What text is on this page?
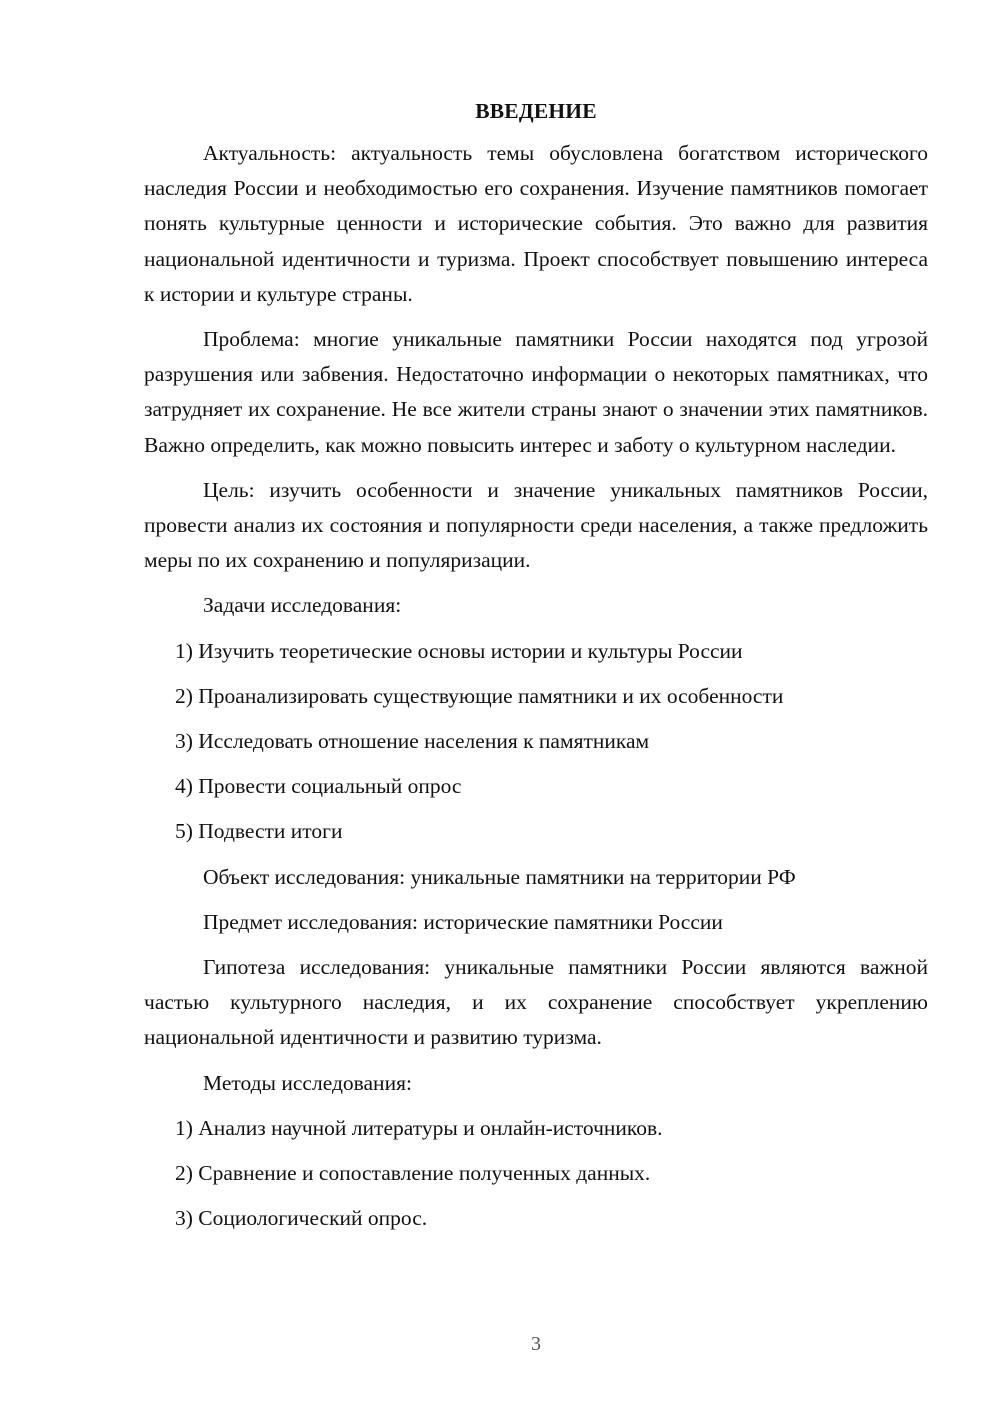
ВВЕДЕНИЕ

Актуальность: актуальность темы обусловлена богатством исторического наследия России и необходимостью его сохранения. Изучение памятников помогает понять культурные ценности и исторические события. Это важно для развития национальной идентичности и туризма. Проект способствует повышению интереса к истории и культуре страны.

Проблема: многие уникальные памятники России находятся под угрозой разрушения или забвения. Недостаточно информации о некоторых памятниках, что затрудняет их сохранение. Не все жители страны знают о значении этих памятников. Важно определить, как можно повысить интерес и заботу о культурном наследии.

Цель: изучить особенности и значение уникальных памятников России, провести анализ их состояния и популярности среди населения, а также предложить меры по их сохранению и популяризации.

Задачи исследования:

1) Изучить теоретические основы истории и культуры России

2) Проанализировать существующие памятники и их особенности

3) Исследовать отношение населения к памятникам

4) Провести социальный опрос

5) Подвести итоги

Объект исследования: уникальные памятники на территории РФ

Предмет исследования: исторические памятники России

Гипотеза исследования: уникальные памятники России являются важной частью культурного наследия, и их сохранение способствует укреплению национальной идентичности и развитию туризма.

Методы исследования:

1) Анализ научной литературы и онлайн-источников.

2) Сравнение и сопоставление полученных данных.

3) Социологический опрос.

3
